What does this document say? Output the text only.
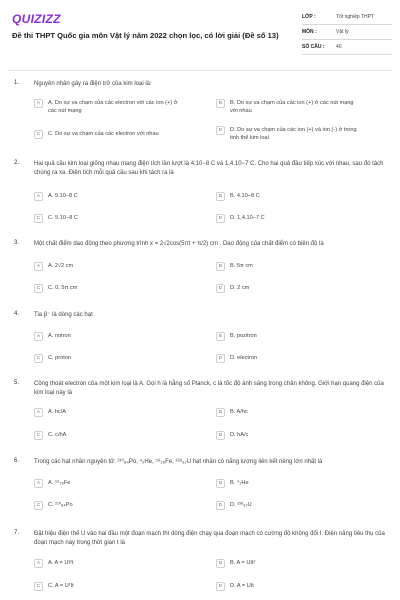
QUIZIZZ
Đề thi THPT Quốc gia môn Vật lý năm 2022 chọn lọc, có lời giải (Đề số 13)
LỚP :	Tốt nghiệp THPT
MÔN :	Vật lý
SỐ CÂU :	40
1. Nguyên nhân gây ra điện trở của kim loại là:
A	A. Do sự va chạm của các electron với các ion (+) ở các nút mạng
B	B. Do sự va chạm của các ion (+) ở các nút mạng với nhau
C	C. Do sự va chạm của các electron với nhau
D	D. Do sự va chạm của các ion (+) và ion (-) ở trong tinh thể kim loại
2. Hai quả cầu kim loại giống nhau mang điện tích lần lượt là 4.10−8 C và 1,4.10−7 C. Cho hai quả đầu tiếp xúc với nhau, sau đó tách chúng ra xa. Điện tích mỗi quả cầu sau khi tách ra là
A	A. 9.10−8 C	B	B. 4.10−8 C
C	C. 5.10−8 C	D	D. 1,4.10−7 C
3. Một chất điểm dao động theo phương trình x = 2√2cos(5πt + π/2) cm . Dao động của chất điểm có biên độ là
A	A. 2√2 cm	B	B. 5π cm
C	C. 0, 5π cm	D	D. 2 cm
4. Tia β⁻ là dòng các hạt
A	A. notron	B	B. pozitron
C	C. proton	D	D. electron
5. Công thoát electron của một kim loại là A. Gọi h là hằng số Planck, c là tốc độ ánh sáng trong chân không. Giới hạn quang điện của kim loại này là
A	A. hc/A	B	B. A/hc
C	C. c/hA	D	D. hA/c
6. Trong các hạt nhân nguyên tử: ²¹⁰₈₄Po, ⁴₂He, ⁵⁶₂₆Fe, ²³⁸₉₂U hạt nhân có năng lượng liên kết riêng lớn nhất là
A	A. ⁵⁶₂₆Fe	B	B. ⁴₂He
C	C. ²¹⁰₈₄Po	D	D. ²³⁸₉₂U
7. Đặt hiệu điện thế U vào hai đầu một đoạn mạch thì dòng điện chạy qua đoạn mạch có cường độ không đổi I. Điện năng tiêu thụ của đoạn mạch này trong thời gian t là
A	A. A = UI²t	B	B. A = UIt²
C	C. A = U²It	D	D. A = UIt
